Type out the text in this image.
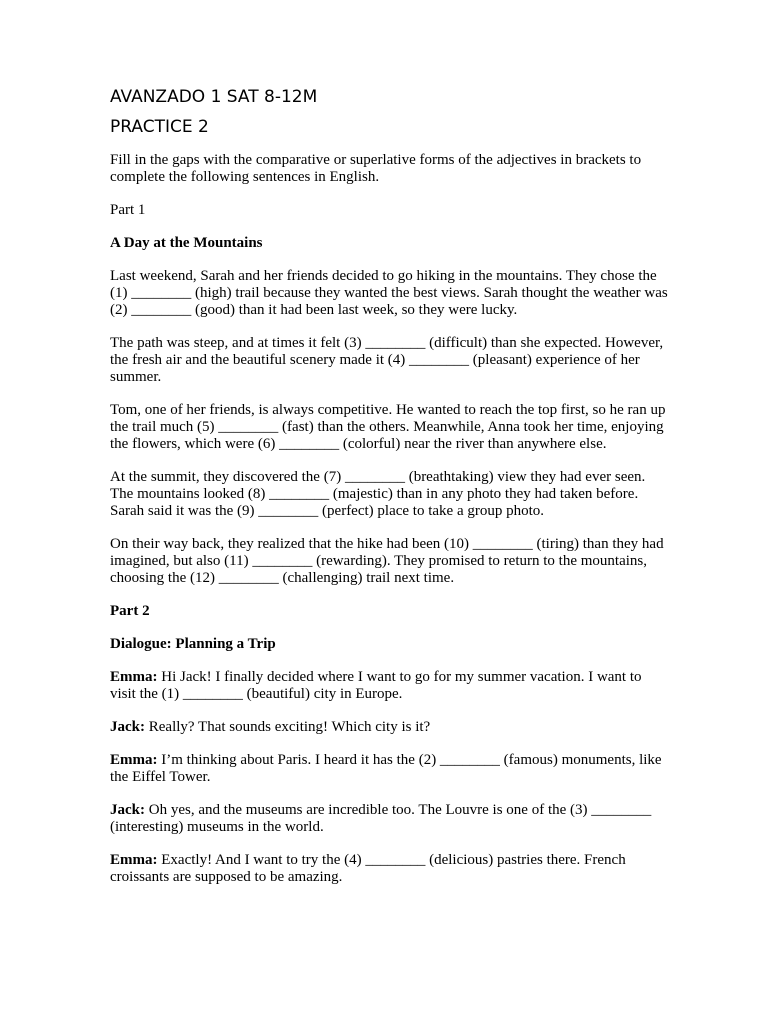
AVANZADO 1 SAT 8-12M
PRACTICE 2

Fill in the gaps with the comparative or superlative forms of the adjectives in brackets to complete the following sentences in English.

Part 1

A Day at the Mountains

Last weekend, Sarah and her friends decided to go hiking in the mountains. They chose the (1) ________ (high) trail because they wanted the best views. Sarah thought the weather was (2) ________ (good) than it had been last week, so they were lucky.

The path was steep, and at times it felt (3) ________ (difficult) than she expected. However, the fresh air and the beautiful scenery made it (4) ________ (pleasant) experience of her summer.

Tom, one of her friends, is always competitive. He wanted to reach the top first, so he ran up the trail much (5) ________ (fast) than the others. Meanwhile, Anna took her time, enjoying the flowers, which were (6) ________ (colorful) near the river than anywhere else.

At the summit, they discovered the (7) ________ (breathtaking) view they had ever seen. The mountains looked (8) ________ (majestic) than in any photo they had taken before. Sarah said it was the (9) ________ (perfect) place to take a group photo.

On their way back, they realized that the hike had been (10) ________ (tiring) than they had imagined, but also (11) ________ (rewarding). They promised to return to the mountains, choosing the (12) ________ (challenging) trail next time.

Part 2

Dialogue: Planning a Trip

Emma: Hi Jack! I finally decided where I want to go for my summer vacation. I want to visit the (1) ________ (beautiful) city in Europe.

Jack: Really? That sounds exciting! Which city is it?

Emma: I’m thinking about Paris. I heard it has the (2) ________ (famous) monuments, like the Eiffel Tower.

Jack: Oh yes, and the museums are incredible too. The Louvre is one of the (3) ________ (interesting) museums in the world.

Emma: Exactly! And I want to try the (4) ________ (delicious) pastries there. French croissants are supposed to be amazing.
